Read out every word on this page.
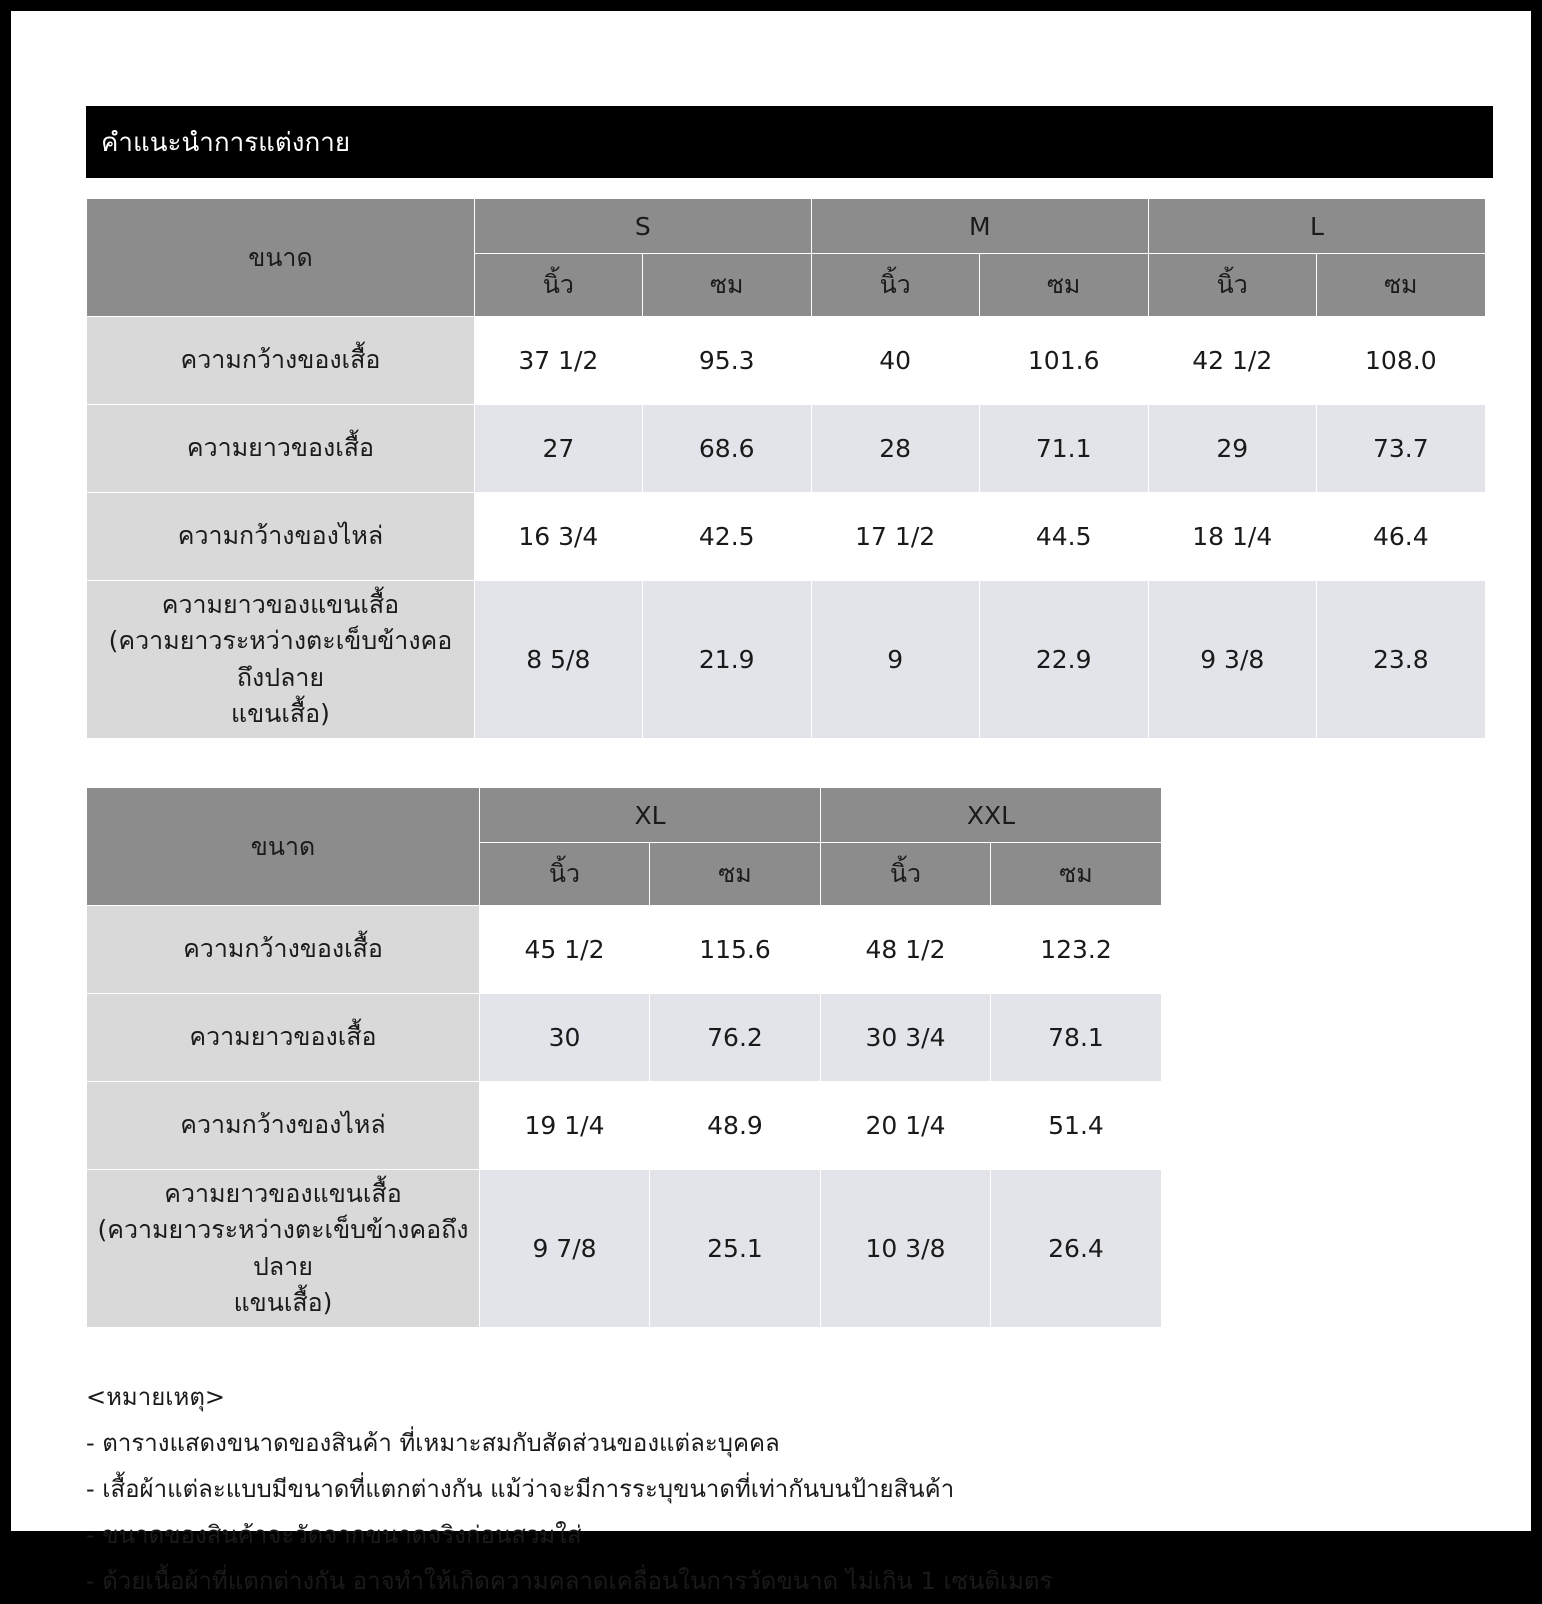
คำแนะนำการแต่งกาย
ขนาด	S		M		L	
	นิ้ว	ซม	นิ้ว	ซม	นิ้ว	ซม
ความกว้างของเสื้อ	37 1/2	95.3	40	101.6	42 1/2	108.0
ความยาวของเสื้อ	27	68.6	28	71.1	29	73.7
ความกว้างของไหล่	16 3/4	42.5	17 1/2	44.5	18 1/4	46.4

ความยาวของแขนเสื้อ
(ความยาวระหว่างตะเข็บข้างคอถึงปลาย
แขนเสื้อ)	8 5/8	21.9	9	22.9	9 3/8	23.8
ขนาด	XL		XXL	
	นิ้ว	ซม	นิ้ว	ซม
ความกว้างของเสื้อ	45 1/2	115.6	48 1/2	123.2
ความยาวของเสื้อ	30	76.2	30 3/4	78.1
ความกว้างของไหล่	19 1/4	48.9	20 1/4	51.4

ความยาวของแขนเสื้อ
(ความยาวระหว่างตะเข็บข้างคอถึงปลาย
แขนเสื้อ)	9 7/8	25.1	10 3/8	26.4
<หมายเหตุ>
- ตารางแสดงขนาดของสินค้า ที่เหมาะสมกับสัดส่วนของแต่ละบุคคล
- เสื้อผ้าแต่ละแบบมีขนาดที่แตกต่างกัน แม้ว่าจะมีการระบุขนาดที่เท่ากันบนป้ายสินค้า
- ขนาดของสินค้าจะวัดจากขนาดจริงก่อนสวมใส่
- ด้วยเนื้อผ้าที่แตกต่างกัน อาจทำให้เกิดความคลาดเคลื่อนในการวัดขนาด ไม่เกิน 1 เซนติเมตร
